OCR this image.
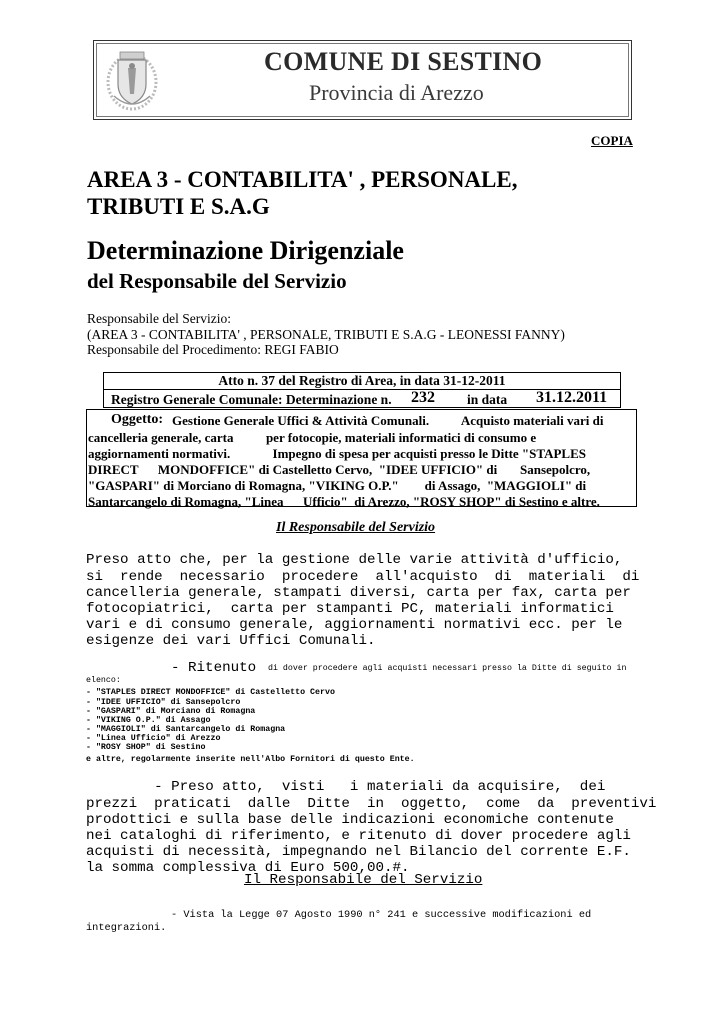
COMUNE DI SESTINO
Provincia di Arezzo
COPIA
AREA 3 - CONTABILITA' , PERSONALE,
TRIBUTI E S.A.G
Determinazione Dirigenziale
del Responsabile del Servizio
Responsabile del Servizio:
(AREA 3 - CONTABILITA' , PERSONALE, TRIBUTI E S.A.G - LEONESSI FANNY)
Responsabile del Procedimento: REGI FABIO
Atto n. 37 del Registro di Area, in data 31-12-2011
Registro Generale Comunale: Determinazione n. 232 in data 31.12.2011
Oggetto: Gestione Generale Uffici & Attività Comunali.          Acquisto materiali vari di
cancelleria generale, carta          per fotocopie, materiali informatici di consumo e
aggiornamenti normativi.             Impegno di spesa per acquisti presso le Ditte "STAPLES
DIRECT      MONDOFFICE" di Castelletto Cervo,  "IDEE UFFICIO" di       Sansepolcro,
"GASPARI" di Morciano di Romagna, "VIKING O.P."        di Assago,  "MAGGIOLI" di
Santarcangelo di Romagna, "Linea      Ufficio"  di Arezzo, "ROSY SHOP" di Sestino e altre.
Il Responsabile del Servizio
Preso atto che, per la gestione delle varie attività d'ufficio,
si  rende  necessario  procedere  all'acquisto  di  materiali  di
cancelleria generale, stampati diversi, carta per fax, carta per
fotocopiatrici,  carta per stampanti PC, materiali informatici
vari e di consumo generale, aggiornamenti normativi ecc. per le
esigenze dei vari Uffici Comunali.
- Ritenuto di dover procedere agli acquisti necessari presso la Ditte di seguito in
elenco:
- "STAPLES DIRECT MONDOFFICE" di Castelletto Cervo
- "IDEE UFFICIO" di Sansepolcro
- "GASPARI" di Morciano di Romagna
- "VIKING O.P." di Assago
- "MAGGIOLI" di Santarcangelo di Romagna
- "Linea Ufficio" di Arezzo
- "ROSY SHOP" di Sestino
e altre, regolarmente inserite nell'Albo Fornitori di questo Ente.
- Preso atto,  visti   i materiali da acquisire,  dei
prezzi  praticati  dalle  Ditte  in  oggetto,  come  da  preventivi
prodottici e sulla base delle indicazioni economiche contenute
nei cataloghi di riferimento, e ritenuto di dover procedere agli
acquisti di necessità, impegnando nel Bilancio del corrente E.F.
la somma complessiva di Euro 500,00.#.
Il Responsabile del Servizio
- Vista la Legge 07 Agosto 1990 n° 241 e successive modificazioni ed
integrazioni.
